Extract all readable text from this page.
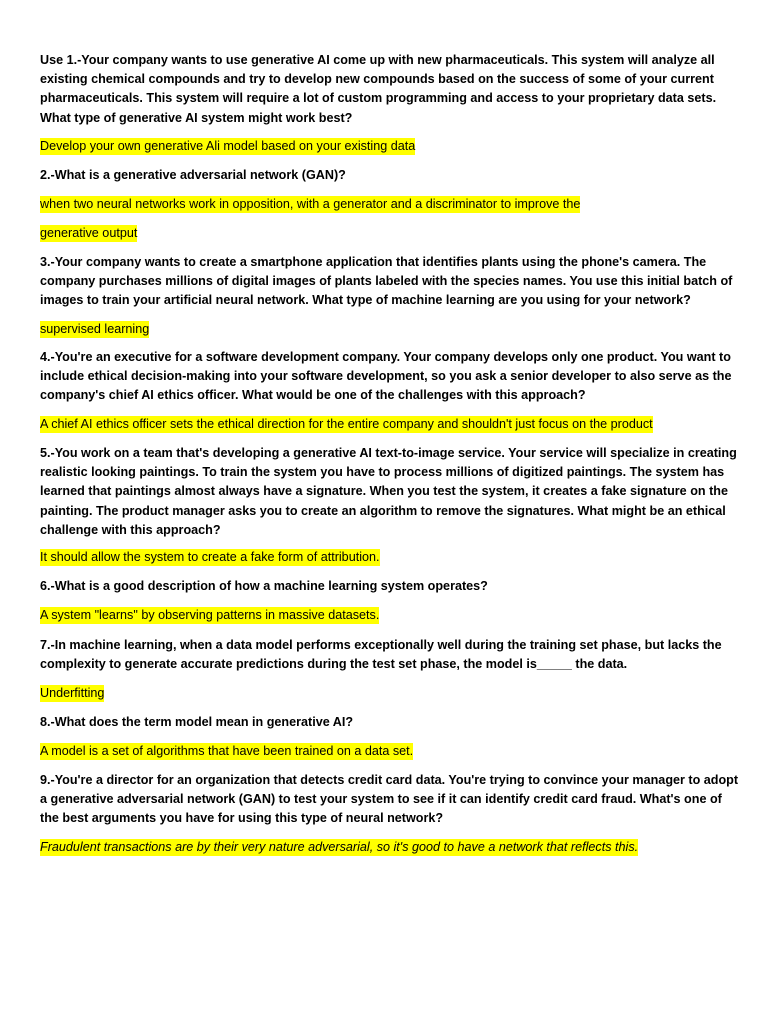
Use 1.-Your company wants to use generative AI come up with new pharmaceuticals. This system will analyze all existing chemical compounds and try to develop new compounds based on the success of some of your current pharmaceuticals. This system will require a lot of custom programming and access to your proprietary data sets. What type of generative AI system might work best?
Develop your own generative Ali model based on your existing data
2.-What is a generative adversarial network (GAN)?
when two neural networks work in opposition, with a generator and a discriminator to improve the
generative output
3.-Your company wants to create a smartphone application that identifies plants using the phone's camera. The company purchases millions of digital images of plants labeled with the species names. You use this initial batch of images to train your artificial neural network. What type of machine learning are you using for your network?
supervised learning
4.-You're an executive for a software development company. Your company develops only one product. You want to include ethical decision-making into your software development, so you ask a senior developer to also serve as the company's chief AI ethics officer. What would be one of the challenges with this approach?
A chief AI ethics officer sets the ethical direction for the entire company and shouldn't just focus on the product
5.-You work on a team that's developing a generative AI text-to-image service. Your service will specialize in creating realistic looking paintings. To train the system you have to process millions of digitized paintings. The system has learned that paintings almost always have a signature. When you test the system, it creates a fake signature on the painting. The product manager asks you to create an algorithm to remove the signatures. What might be an ethical challenge with this approach?
It should allow the system to create a fake form of attribution.
6.-What is a good description of how a machine learning system operates?
A system "learns" by observing patterns in massive datasets.
7.-In machine learning, when a data model performs exceptionally well during the training set phase, but lacks the complexity to generate accurate predictions during the test set phase, the model is_____ the data.
Underfitting
8.-What does the term model mean in generative AI?
A model is a set of algorithms that have been trained on a data set.
9.-You're a director for an organization that detects credit card data. You're trying to convince your manager to adopt a generative adversarial network (GAN) to test your system to see if it can identify credit card fraud. What's one of the best arguments you have for using this type of neural network?
Fraudulent transactions are by their very nature adversarial, so it's good to have a network that reflects this.
